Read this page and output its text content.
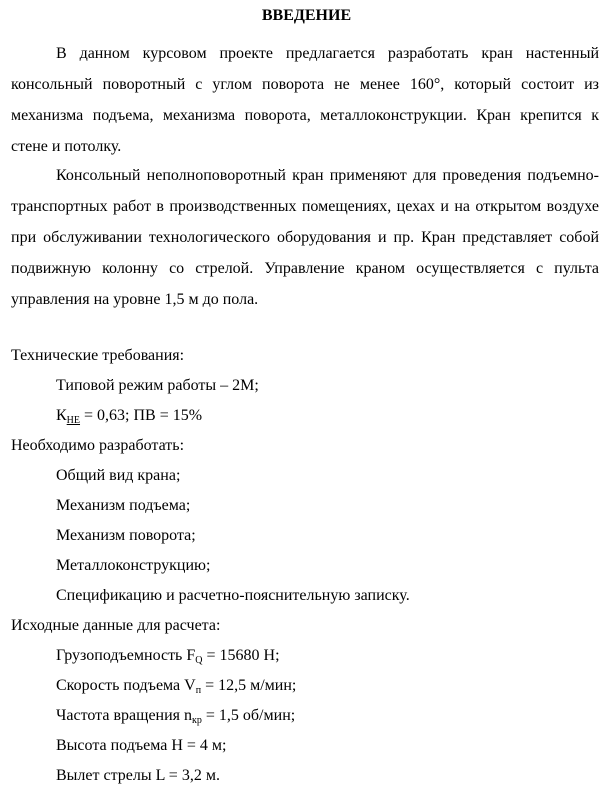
ВВЕДЕНИЕ

В данном курсовом проекте предлагается разработать кран настенный консольный поворотный с углом поворота не менее 160°, который состоит из механизма подъема, механизма поворота, металлоконструкции. Кран крепится к стене и потолку.

Консольный неполноповоротный кран применяют для проведения подъемно-транспортных работ в производственных помещениях, цехах и на открытом воздухе при обслуживании технологического оборудования и пр. Кран представляет собой подвижную колонну со стрелой. Управление краном осуществляется с пульта управления на уровне 1,5 м до пола.

Технические требования:
Типовой режим работы – 2М;
$К_{НЕ} = 0,63$; ПВ = 15%
Необходимо разработать:
Общий вид крана;
Механизм подъема;
Механизм поворота;
Металлоконструкцию;
Спецификацию и расчетно-пояснительную записку.
Исходные данные для расчета:
Грузоподъемность $F_Q = 15680$ Н;
Скорость подъема $V_п = 12,5$ м/мин;
Частота вращения $n_{кр} = 1,5$ об/мин;
Высота подъема Н = 4 м;
Вылет стрелы L = 3,2 м.
